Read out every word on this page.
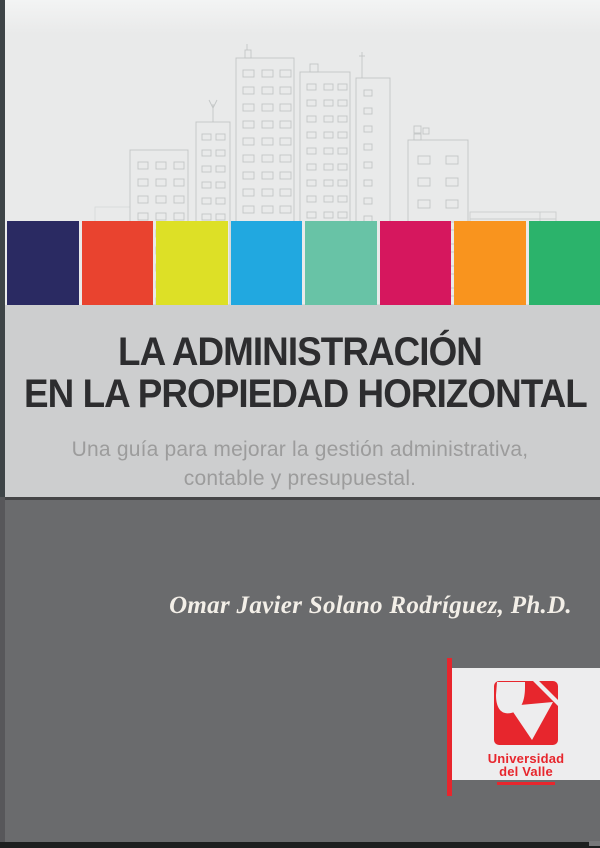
LA ADMINISTRACIÓN
EN LA PROPIEDAD HORIZONTAL
Una guía para mejorar la gestión administrativa,
contable y presupuestal.
Omar Javier Solano Rodríguez, Ph.D.
Universidad
del Valle
